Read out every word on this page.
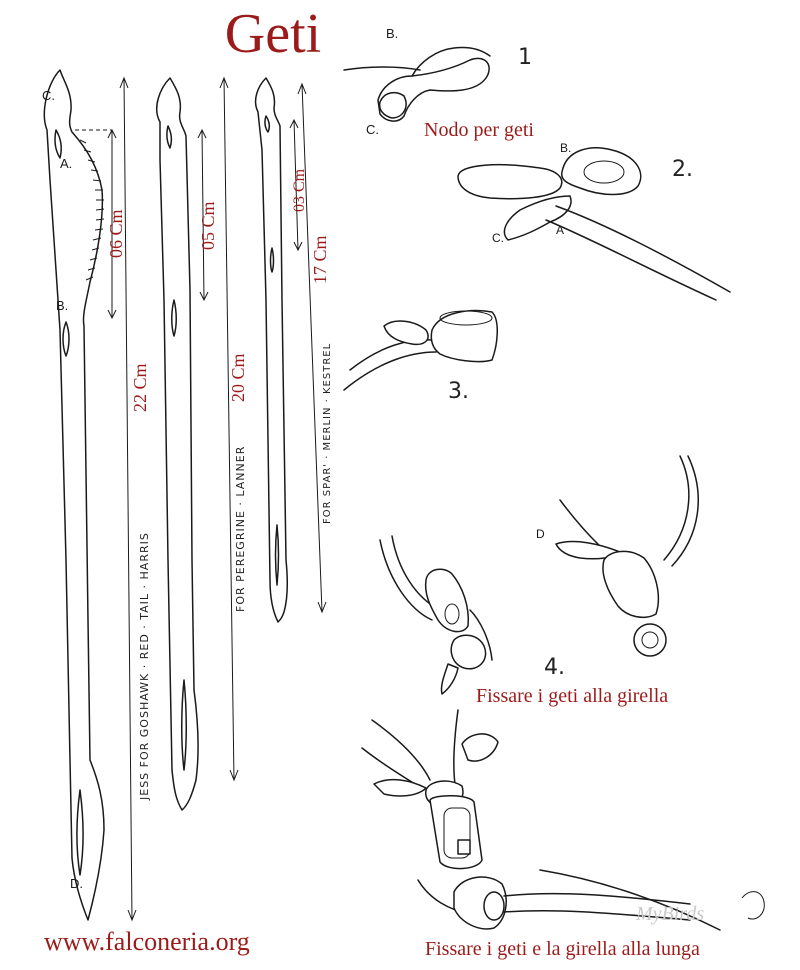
Geti
C.
A.
B.
D.
06 Cm
22 Cm
JESS FOR GOSHAWK · RED · TAIL · HARRIS
05 Cm
20 Cm
FOR PEREGRINE · LANNER
03 Cm
17 Cm
FOR SPAR' · MERLIN · KESTREL
B.
C.
1
Nodo per geti
B.
C.
A
2.
3.
D
4.
Fissare i geti alla girella
Fissare i geti e la girella alla lunga
www.falconeria.org
MyBirds
